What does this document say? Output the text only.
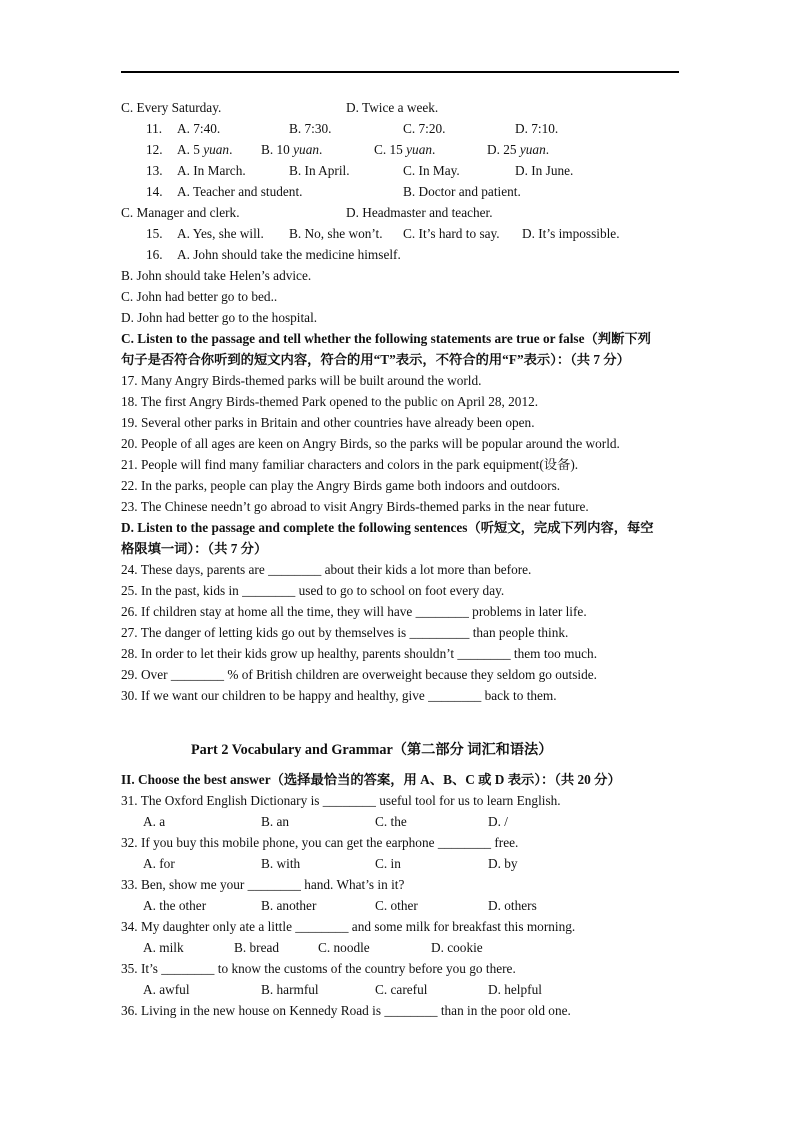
C. Every Saturday.	D. Twice a week.
11. A. 7:40.	B. 7:30.	C. 7:20.	D. 7:10.
12. A. 5 yuan. B. 10 yuan.	C. 15 yuan.	D. 25 yuan.
13. A. In March.	B. In April.	C. In May.	D. In June.
14. A. Teacher and student.	B. Doctor and patient.
C. Manager and clerk.	D. Headmaster and teacher.
15. A. Yes, she will. B. No, she won’t. C. It’s hard to say. D. It’s impossible.
16. A. John should take the medicine himself.
B. John should take Helen’s advice.
C. John had better go to bed..
D. John had better go to the hospital.
C. Listen to the passage and tell whether the following statements are true or false（判断下列
句子是否符合你听到的短文内容，符合的用“T”表示，不符合的用“F”表示）：（共 7 分）
17. Many Angry Birds-themed parks will be built around the world.
18. The first Angry Birds-themed Park opened to the public on April 28, 2012.
19. Several other parks in Britain and other countries have already been open.
20. People of all ages are keen on Angry Birds, so the parks will be popular around the world.
21. People will find many familiar characters and colors in the park equipment(设备).
22. In the parks, people can play the Angry Birds game both indoors and outdoors.
23. The Chinese needn’t go abroad to visit Angry Birds-themed parks in the near future.
D. Listen to the passage and complete the following sentences（听短文，完成下列内容，每空
格限填一词）：（共 7 分）
24. These days, parents are ________ about their kids a lot more than before.
25. In the past, kids in ________ used to go to school on foot every day.
26. If children stay at home all the time, they will have ________ problems in later life.
27. The danger of letting kids go out by themselves is _________ than people think.
28. In order to let their kids grow up healthy, parents shouldn’t ________ them too much.
29. Over ________ % of British children are overweight because they seldom go outside.
30. If we want our children to be happy and healthy, give ________ back to them.
Part 2 Vocabulary and Grammar（第二部分 词汇和语法）
II. Choose the best answer（选择最恰当的答案，用 A、B、C 或 D 表示）：（共 20 分）
31. The Oxford English Dictionary is ________ useful tool for us to learn English.
A. a	B. an	C. the	D. /
32. If you buy this mobile phone, you can get the earphone ________ free.
A. for	B. with	C. in	D. by
33. Ben, show me your ________ hand. What’s in it?
A. the other	B. another	C. other	D. others
34. My daughter only ate a little ________ and some milk for breakfast this morning.
A. milk	B. bread	C. noodle	D. cookie
35. It’s ________ to know the customs of the country before you go there.
A. awful	B. harmful	C. careful	D. helpful
36. Living in the new house on Kennedy Road is ________ than in the poor old one.
